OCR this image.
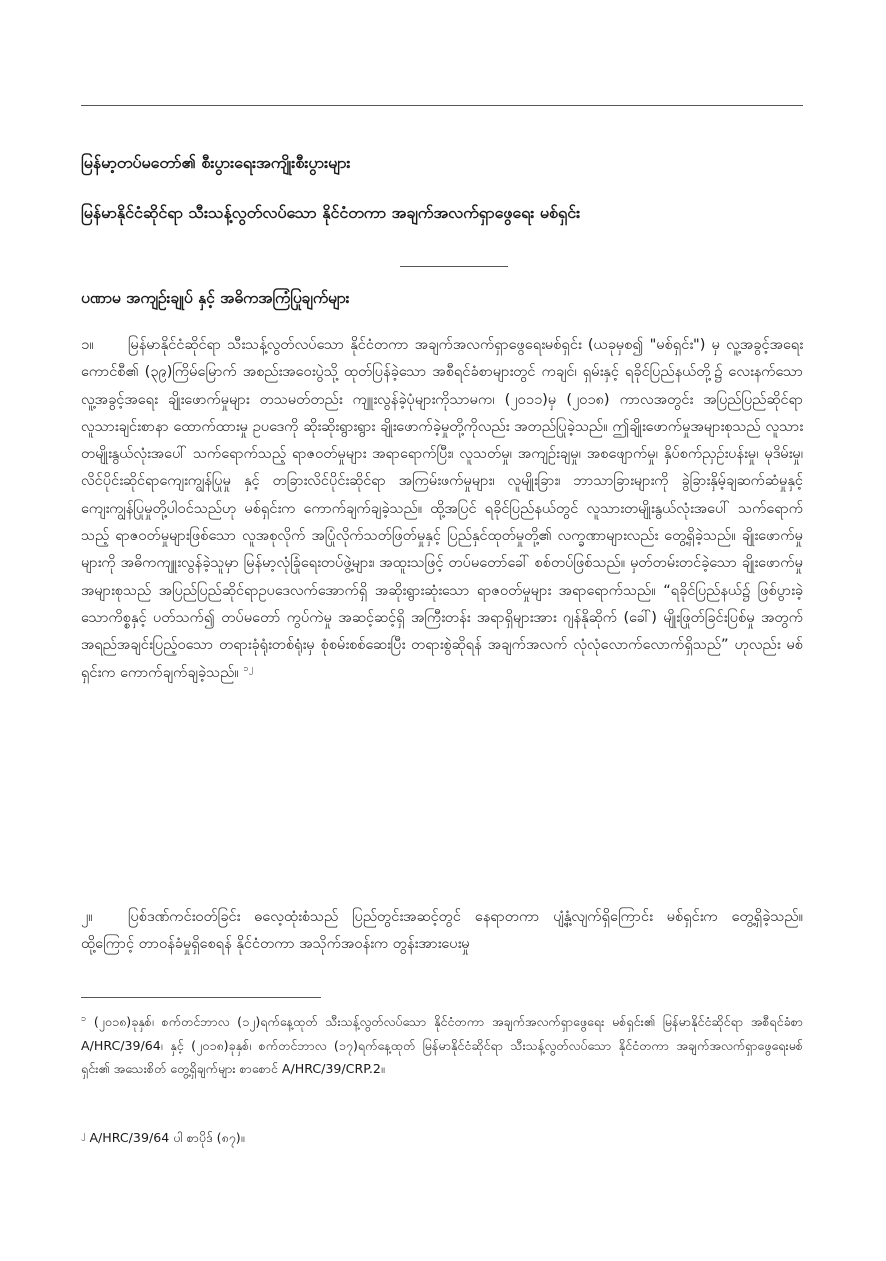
မြန်မာ့တပ်မတော်၏ စီးပွားရေးအကျိုးစီးပွားများ
မြန်မာနိုင်ငံဆိုင်ရာ သီးသန့်လွတ်လပ်သော နိုင်ငံတကာ အချက်အလက်ရှာဖွေရေး မစ်ရှင်း
ပဏာမ အကျဉ်းချုပ် နှင့် အဓိကအကြံပြုချက်များ

၁။ မြန်မာနိုင်ငံဆိုင်ရာ သီးသန့်လွတ်လပ်သော နိုင်ငံတကာ အချက်အလက်ရှာဖွေရေးမစ်ရှင်း (ယခုမှစ၍ "မစ်ရှင်း") မှ လူ့အခွင့်အရေးကောင်စီ၏ (၃၉)ကြိမ်မြောက် အစည်းအဝေးပွဲသို့ ထုတ်ပြန်ခဲ့သော အစီရင်ခံစာများတွင် ကချင်၊ ရှမ်းနှင့် ရခိုင်ပြည်နယ်တို့၌ လေးနက်သော လူ့အခွင့်အရေး ချိုးဖောက်မှုများ တသမတ်တည်း ကျူးလွန်ခဲ့ပုံများကိုသာမက၊ (၂၀၁၁)မှ (၂၀၁၈) ကာလအတွင်း အပြည်ပြည်ဆိုင်ရာ လူသားချင်းစာနာ ထောက်ထားမှု ဥပဒေကို ဆိုးဆိုးရွားရွား ချိုးဖောက်ခဲ့မှုတို့ကိုလည်း အတည်ပြုခဲ့သည်။ ဤချိုးဖောက်မှုအများစုသည် လူသားတမျိုးနွယ်လုံးအပေါ် သက်ရောက်သည့် ရာဇဝတ်မှုများ အရာရောက်ပြီး၊ လူသတ်မှု၊ အကျဉ်းချမှု၊ အစဖျောက်မှု၊ နှိပ်စက်ညှဉ်းပန်းမှု၊ မုဒိမ်းမှု၊ လိင်ပိုင်းဆိုင်ရာကျေးကျွန်ပြုမှု နှင့် တခြားလိင်ပိုင်းဆိုင်ရာ အကြမ်းဖက်မှုများ၊ လူမျိုးခြား၊ ဘာသာခြားများကို ခွဲခြားနှိမ့်ချဆက်ဆံမှုနှင့် ကျေးကျွန်ပြုမှုတို့ပါဝင်သည်ဟု မစ်ရှင်းက ကောက်ချက်ချခဲ့သည်။ ထို့အပြင် ရခိုင်ပြည်နယ်တွင် လူသားတမျိုးနွယ်လုံးအပေါ် သက်ရောက်သည့် ရာဇဝတ်မှုများဖြစ်သော လူအစုလိုက် အပြုံလိုက်သတ်ဖြတ်မှုနှင့် ပြည်နှင်ထုတ်မှုတို့၏ လက္ခဏာများလည်း တွေ့ရှိခဲ့သည်။ ချိုးဖောက်မှုများကို အဓိကကျူးလွန်ခဲ့သူမှာ မြန်မာ့လုံခြုံရေးတပ်ဖွဲ့များ၊ အထူးသဖြင့် တပ်မတော်ခေါ် စစ်တပ်ဖြစ်သည်။ မှတ်တမ်းတင်ခဲ့သော ချိုးဖောက်မှုအများစုသည် အပြည်ပြည်ဆိုင်ရာဥပဒေလက်အောက်ရှိ အဆိုးရွားဆုံးသော ရာဇဝတ်မှုများ အရာရောက်သည်။ “ရခိုင်ပြည်နယ်၌ ဖြစ်ပွားခဲ့သောကိစ္စနှင့် ပတ်သက်၍ တပ်မတော် ကွပ်ကဲမှု အဆင့်ဆင့်ရှိ အကြီးတန်း အရာရှိများအား ဂျန်နိုဆိုက် (ခေါ်) မျိုးဖြုတ်ခြင်းပြစ်မှု အတွက် အရည်အချင်းပြည့်ဝသော တရားခုံရုံးတစ်ရုံးမှ စုံစမ်းစစ်ဆေးပြီး တရားစွဲဆိုရန် အချက်အလက် လုံလုံလောက်လောက်ရှိသည်” ဟုလည်း မစ်ရှင်းက ကောက်ချက်ချခဲ့သည်။ $^{၁၂}$

၂။ ပြစ်ဒဏ်ကင်းဝတ်ခြင်း ဓလေ့ထုံးစံသည် ပြည်တွင်းအဆင့်တွင် နေရာတကာ ပျံ့နှံ့လျက်ရှိကြောင်း မစ်ရှင်းက တွေ့ရှိခဲ့သည်။ ထို့ကြောင့် တာဝန်ခံမှုရှိစေရန် နိုင်ငံတကာ အသိုက်အဝန်းက တွန်းအားပေးမှု

$^၁$ (၂၀၁၈)ခုနှစ်၊ စက်တင်ဘာလ (၁၂)ရက်နေ့ထုတ် သီးသန့်လွတ်လပ်သော နိုင်ငံတကာ အချက်အလက်ရှာဖွေရေး မစ်ရှင်း၏ မြန်မာနိုင်ငံဆိုင်ရာ အစီရင်ခံစာ A/HRC/39/64၊ နှင့် (၂၀၁၈)ခုနှစ်၊ စက်တင်ဘာလ (၁၇)ရက်နေ့ထုတ် မြန်မာနိုင်ငံဆိုင်ရာ သီးသန့်လွတ်လပ်သော နိုင်ငံတကာ အချက်အလက်ရှာဖွေရေးမစ်ရှင်း၏ အသေးစိတ် တွေ့ရှိချက်များ စာစောင် A/HRC/39/CRP.2။

$^၂$ A/HRC/39/64 ပါ စာပိုဒ် (၈၇)။
